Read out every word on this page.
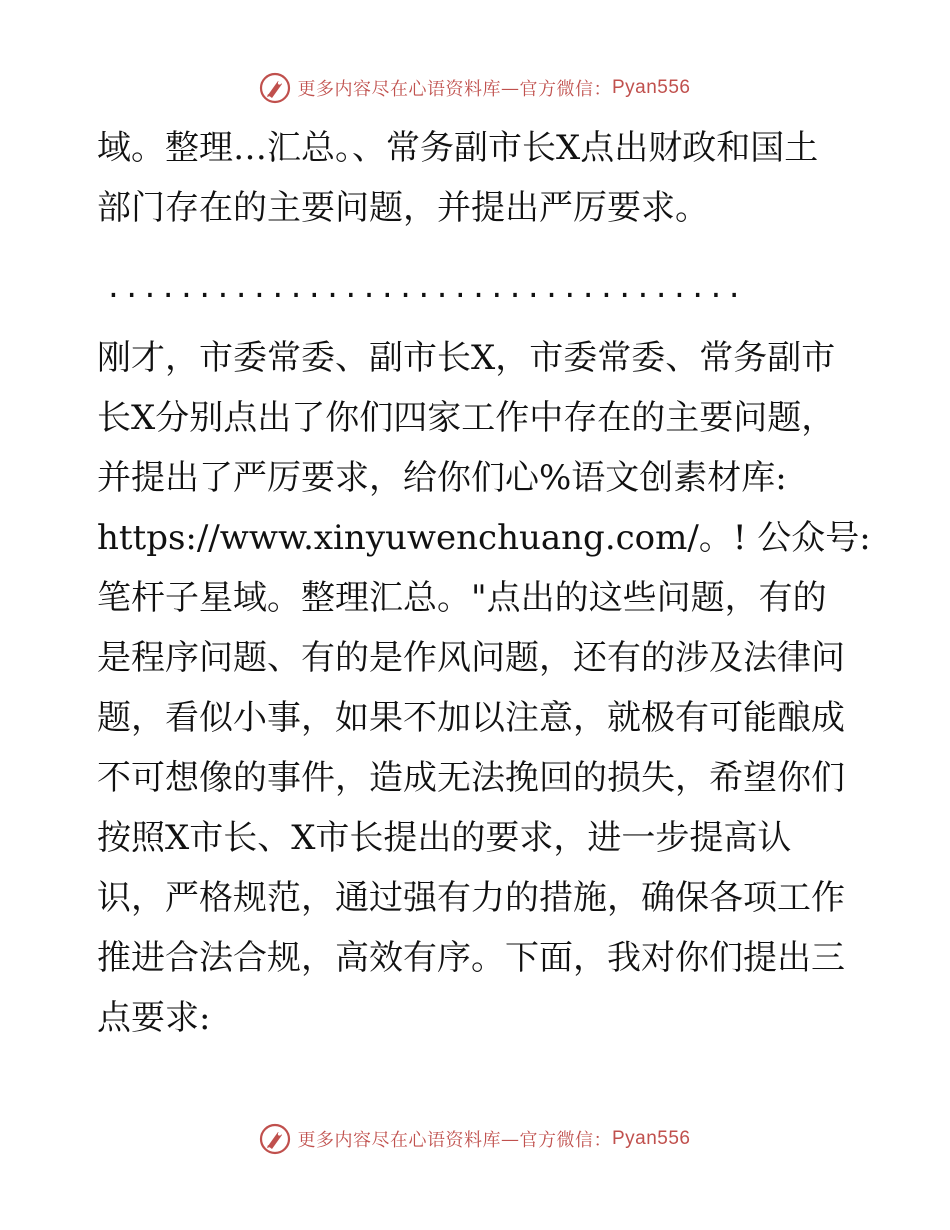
更多内容尽在心语资料库 — 官方微信： Pyan556
域。整理…汇总。、常务副市长X点出财政和国土
部门存在的主要问题，并提出严厉要求。
...................................
刚才，市委常委、副市长X，市委常委、常务副市
长X分别点出了你们四家工作中存在的主要问题，
并提出了严厉要求，给你们心%语文创素材库:
https://www.xinyuwenchuang.com/。! 公众号:
笔杆子星域。整理汇总。"点出的这些问题，有的
是程序问题、有的是作风问题，还有的涉及法律问
题，看似小事，如果不加以注意，就极有可能酿成
不可想像的事件，造成无法挽回的损失，希望你们
按照X市长、X市长提出的要求，进一步提高认
识，严格规范，通过强有力的措施，确保各项工作
推进合法合规，高效有序。下面，我对你们提出三
点要求:
更多内容尽在心语资料库 — 官方微信： Pyan556
